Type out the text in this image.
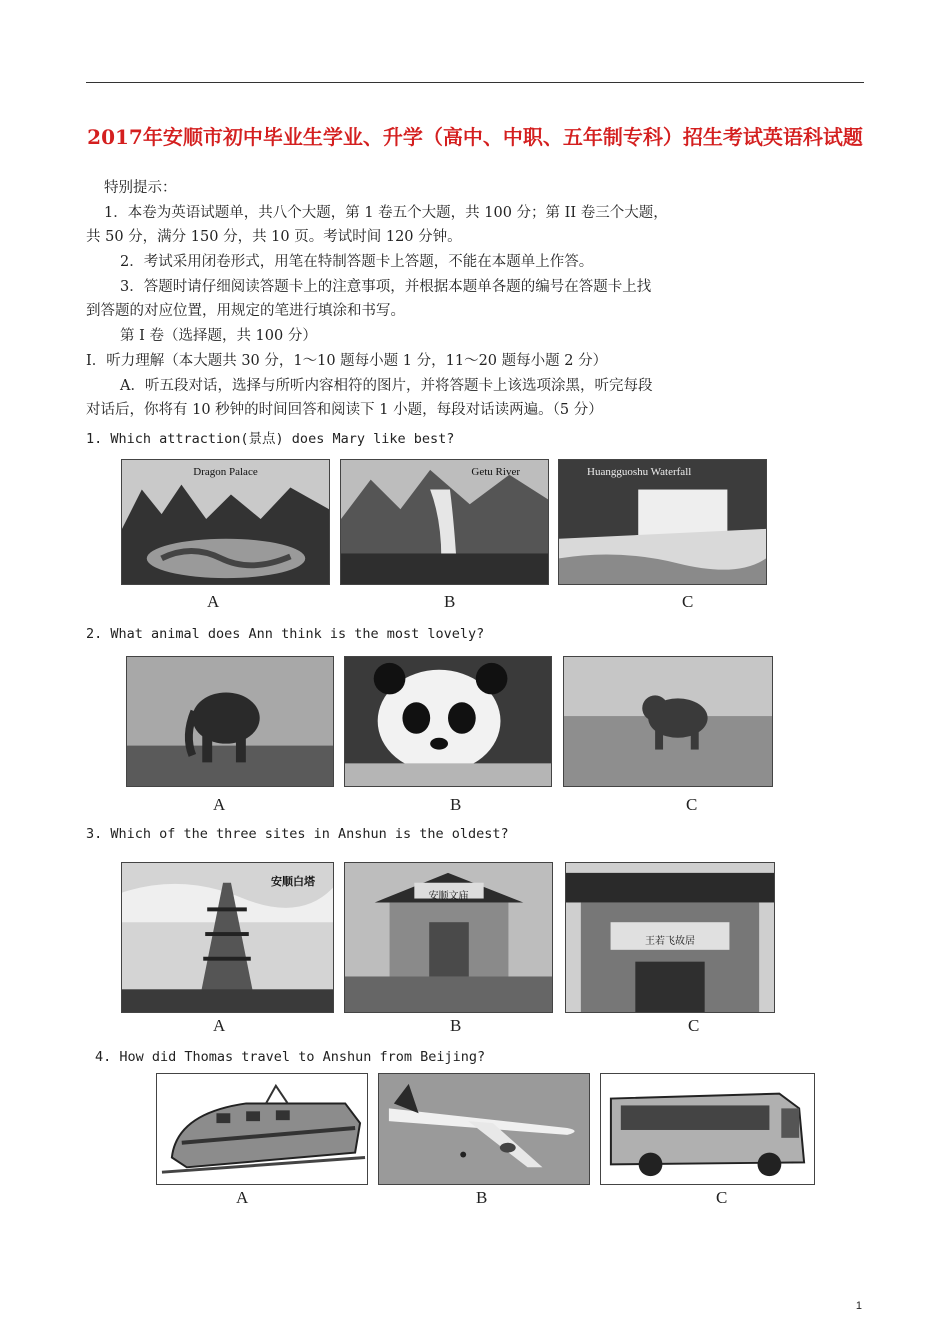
2017年安顺市初中毕业生学业、升学（高中、中职、五年制专科）招生考试英语科试题
特别提示：
1．本卷为英语试题单，共八个大题，第 1 卷五个大题，共 100 分；第 II 卷三个大题，
共 50 分，满分 150 分，共 10 页。考试时间 120 分钟。
2．考试采用闭卷形式，用笔在特制答题卡上答题，不能在本题单上作答。
3．答题时请仔细阅读答题卡上的注意事项，并根据本题单各题的编号在答题卡上找
到答题的对应位置，用规定的笔进行填涂和书写。
第 I 卷（选择题，共 100 分）
I．听力理解（本大题共 30 分，1～10 题每小题 1 分，11～20 题每小题 2 分）
A．听五段对话，选择与所听内容相符的图片，并将答题卡上该选项涂黑，听完每段
对话后，你将有 10 秒钟的时间回答和阅读下 1 小题，每段对话读两遍。（5 分）
1. Which attraction(景点) does Mary like best?
Dragon Palace	Getu River	Huangguoshu Waterfall
A	B	C
2. What animal does Ann think is the most lovely?
A	B	C
3. Which of the three sites in Anshun is the oldest?
安顺白塔
安顺文庙
王若飞故居
A	B	C
4. How did Thomas travel to Anshun from Beijing?
A	B	C
1
